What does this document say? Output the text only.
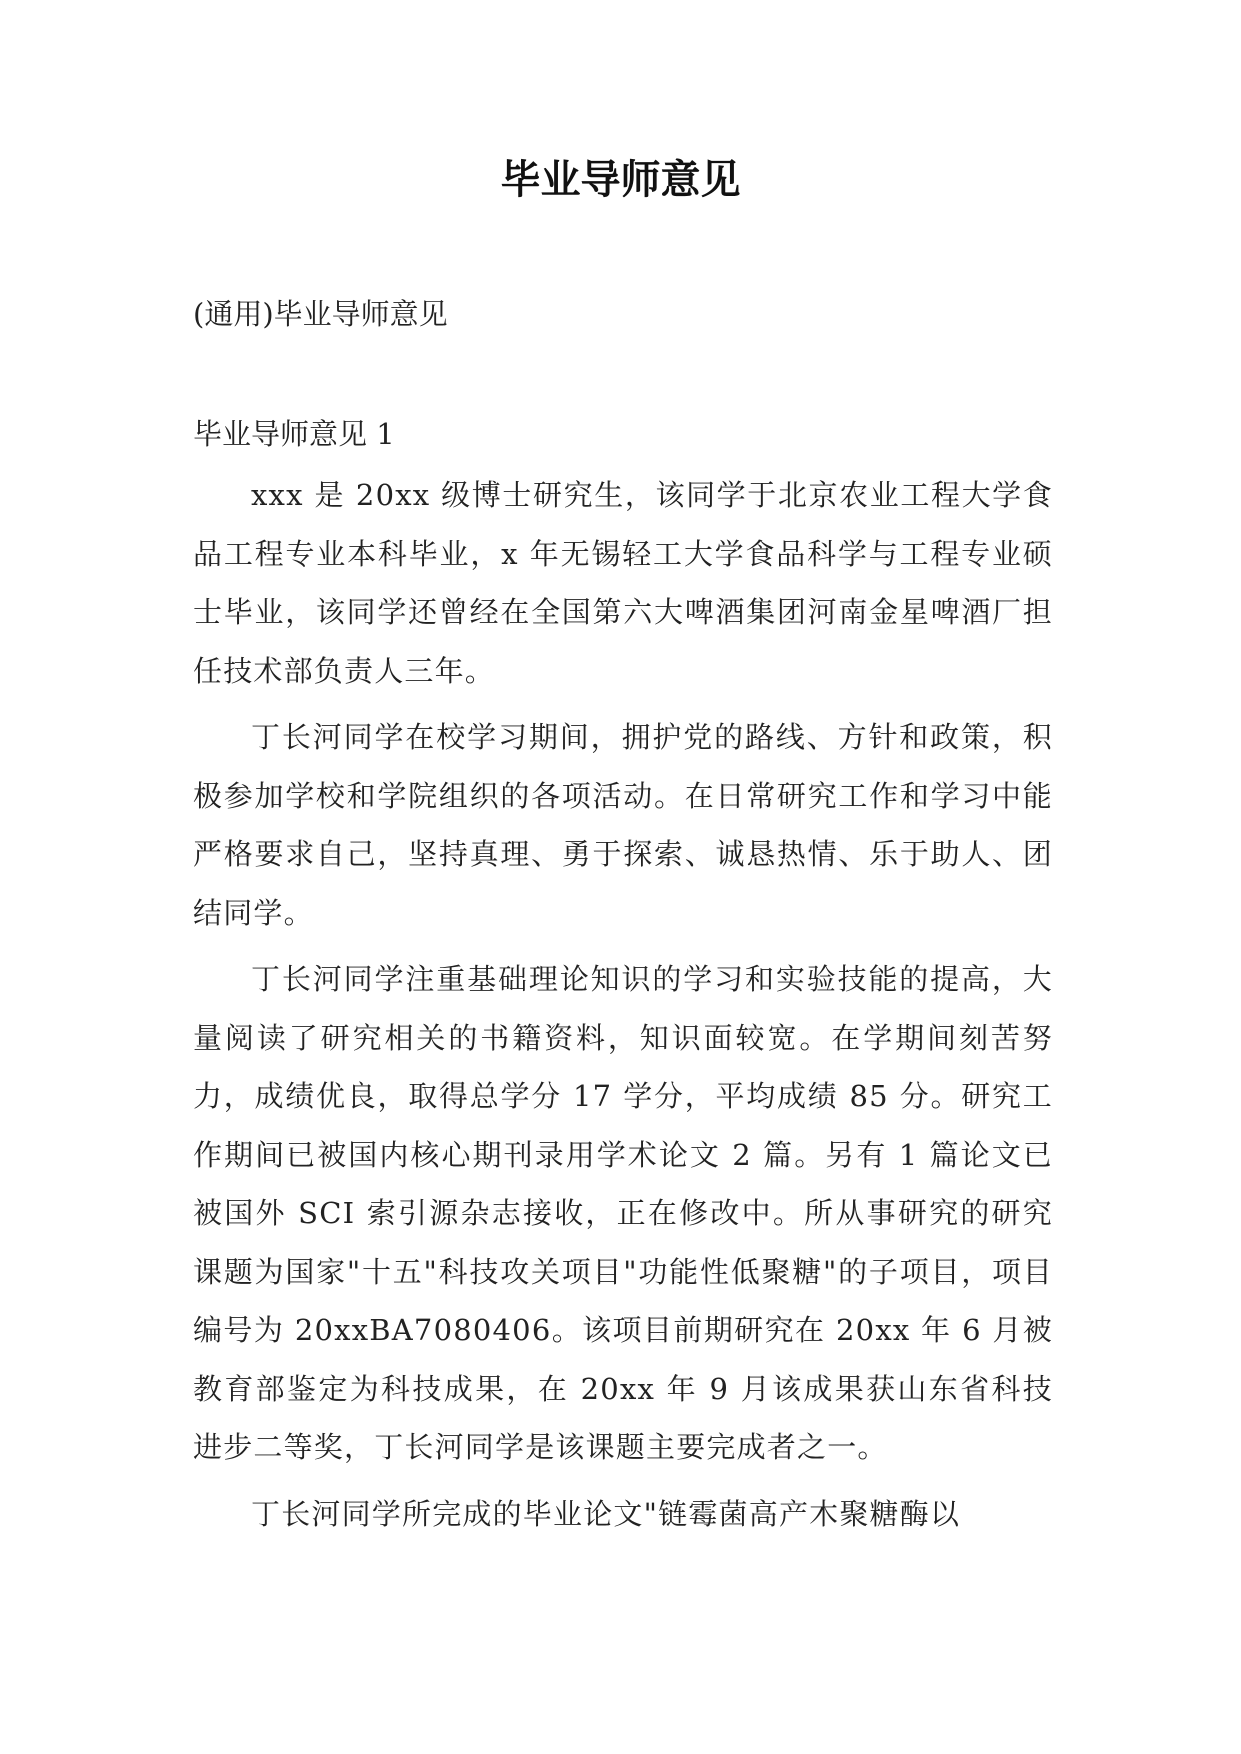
毕业导师意见
(通用)毕业导师意见
毕业导师意见 1

xxx 是 20xx 级博士研究生，该同学于北京农业工程大学食品工程专业本科毕业，x 年无锡轻工大学食品科学与工程专业硕士毕业，该同学还曾经在全国第六大啤酒集团河南金星啤酒厂担任技术部负责人三年。

丁长河同学在校学习期间，拥护党的路线、方针和政策，积极参加学校和学院组织的各项活动。在日常研究工作和学习中能严格要求自己，坚持真理、勇于探索、诚恳热情、乐于助人、团结同学。

丁长河同学注重基础理论知识的学习和实验技能的提高，大量阅读了研究相关的书籍资料，知识面较宽。在学期间刻苦努力，成绩优良，取得总学分 17 学分，平均成绩 85 分。研究工作期间已被国内核心期刊录用学术论文 2 篇。另有 1 篇论文已被国外 SCI 索引源杂志接收，正在修改中。所从事研究的研究课题为国家"十五"科技攻关项目"功能性低聚糖"的子项目，项目编号为 20xxBA7080406。该项目前期研究在 20xx 年 6 月被教育部鉴定为科技成果，在 20xx 年 9 月该成果获山东省科技进步二等奖，丁长河同学是该课题主要完成者之一。

丁长河同学所完成的毕业论文"链霉菌高产木聚糖酶以
